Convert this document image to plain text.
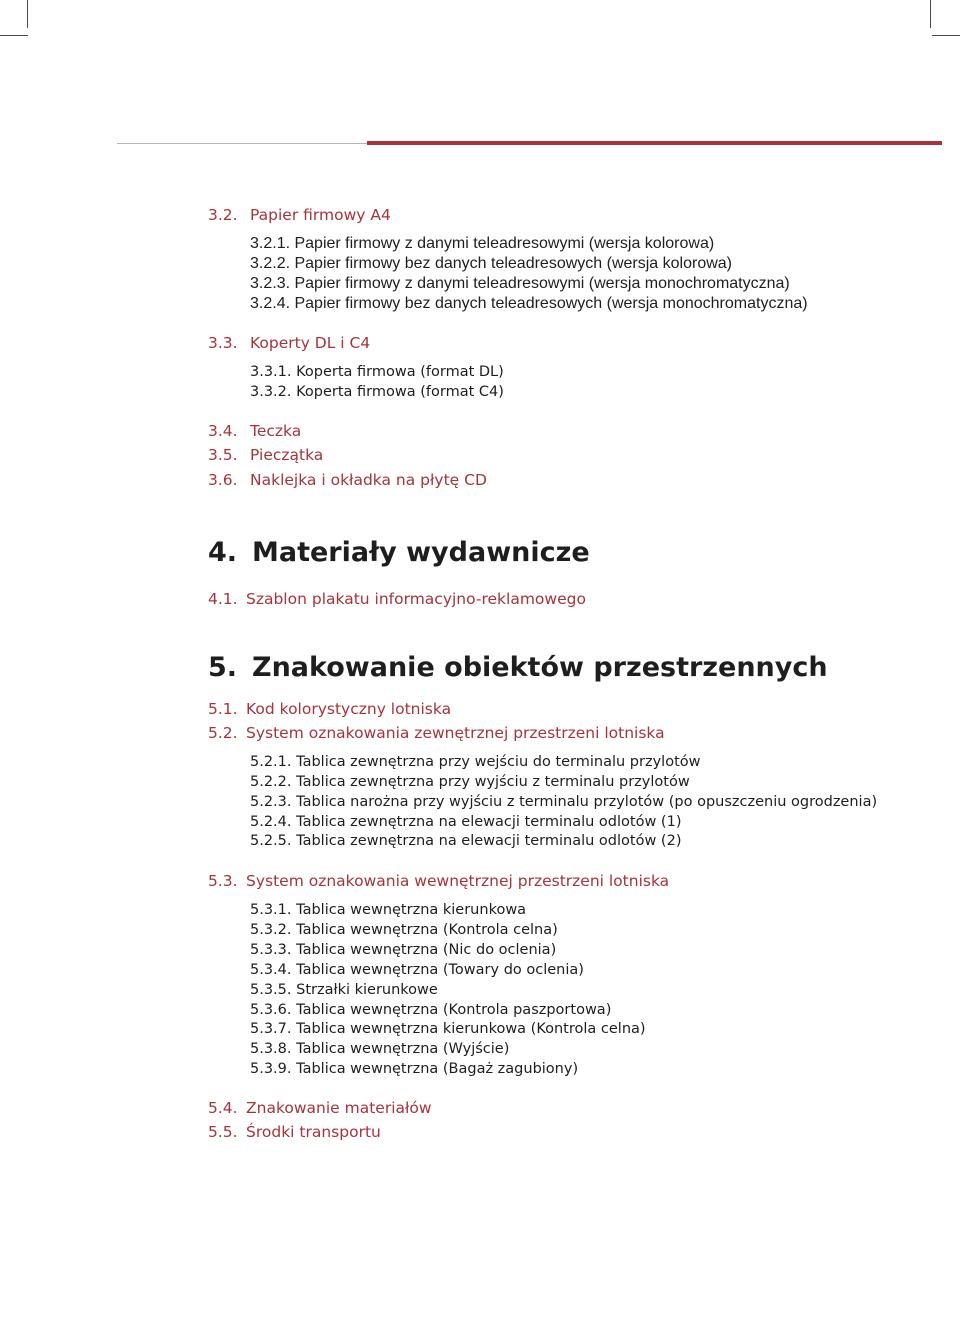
3.2. Papier firmowy A4
3.2.1. Papier firmowy z danymi teleadresowymi (wersja kolorowa)
3.2.2. Papier firmowy bez danych teleadresowych (wersja kolorowa)
3.2.3. Papier firmowy z danymi teleadresowymi (wersja monochromatyczna)
3.2.4. Papier firmowy bez danych teleadresowych (wersja monochromatyczna)
3.3. Koperty DL i C4
3.3.1. Koperta firmowa (format DL)
3.3.2. Koperta firmowa (format C4)
3.4. Teczka
3.5. Pieczątka
3.6. Naklejka i okładka na płytę CD
4. Materiały wydawnicze
4.1. Szablon plakatu informacyjno-reklamowego
5. Znakowanie obiektów przestrzennych
5.1. Kod kolorystyczny lotniska
5.2. System oznakowania zewnętrznej przestrzeni lotniska
5.2.1. Tablica zewnętrzna przy wejściu do terminalu przylotów
5.2.2. Tablica zewnętrzna przy wyjściu z terminalu przylotów
5.2.3. Tablica narożna przy wyjściu z terminalu przylotów (po opuszczeniu ogrodzenia)
5.2.4. Tablica zewnętrzna na elewacji terminalu odlotów (1)
5.2.5. Tablica zewnętrzna na elewacji terminalu odlotów (2)
5.3. System oznakowania wewnętrznej przestrzeni lotniska
5.3.1. Tablica wewnętrzna kierunkowa
5.3.2. Tablica wewnętrzna (Kontrola celna)
5.3.3. Tablica wewnętrzna (Nic do oclenia)
5.3.4. Tablica wewnętrzna (Towary do oclenia)
5.3.5. Strzałki kierunkowe
5.3.6. Tablica wewnętrzna (Kontrola paszportowa)
5.3.7. Tablica wewnętrzna kierunkowa (Kontrola celna)
5.3.8. Tablica wewnętrzna (Wyjście)
5.3.9. Tablica wewnętrzna (Bagaż zagubiony)
5.4. Znakowanie materiałów
5.5. Środki transportu
